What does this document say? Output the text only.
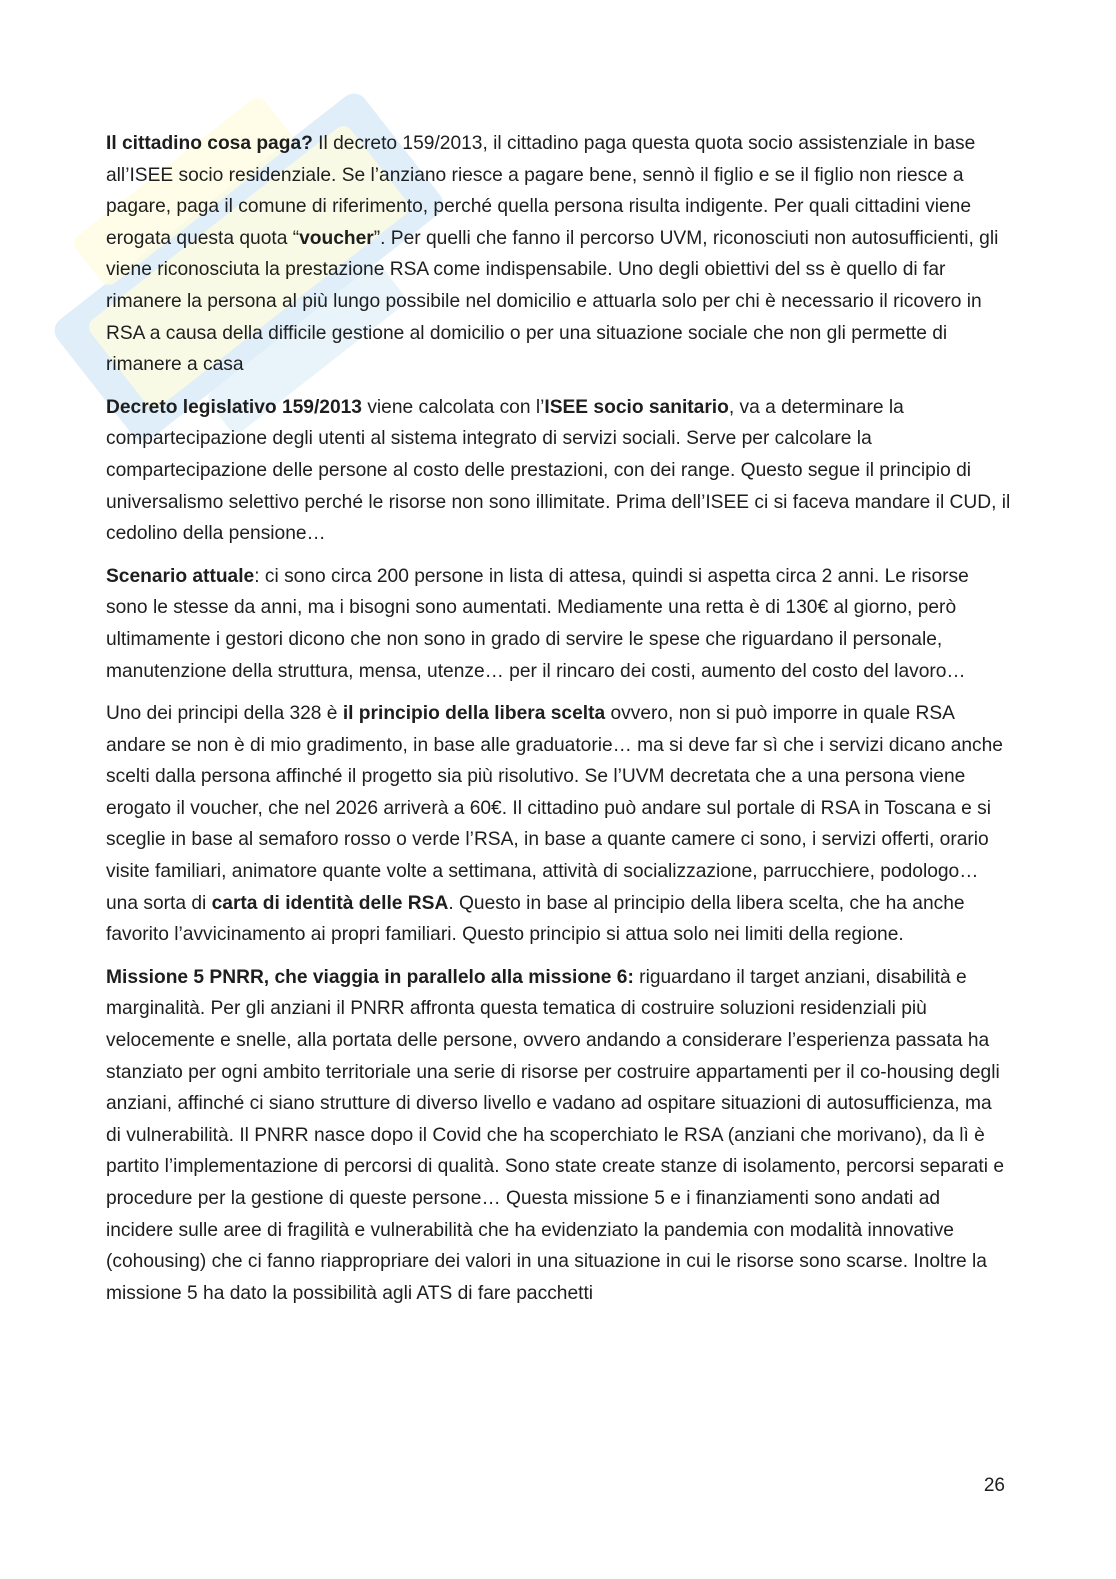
Il cittadino cosa paga? Il decreto 159/2013, il cittadino paga questa quota socio assistenziale in base all’ISEE socio residenziale. Se l’anziano riesce a pagare bene, sennò il figlio e se il figlio non riesce a pagare, paga il comune di riferimento, perché quella persona risulta indigente. Per quali cittadini viene erogata questa quota “voucher”. Per quelli che fanno il percorso UVM, riconosciuti non autosufficienti, gli viene riconosciuta la prestazione RSA come indispensabile. Uno degli obiettivi del ss è quello di far rimanere la persona al più lungo possibile nel domicilio e attuarla solo per chi è necessario il ricovero in RSA a causa della difficile gestione al domicilio o per una situazione sociale che non gli permette di rimanere a casa

Decreto legislativo 159/2013 viene calcolata con l’ISEE socio sanitario, va a determinare la compartecipazione degli utenti al sistema integrato di servizi sociali. Serve per calcolare la compartecipazione delle persone al costo delle prestazioni, con dei range. Questo segue il principio di universalismo selettivo perché le risorse non sono illimitate. Prima dell’ISEE ci si faceva mandare il CUD, il cedolino della pensione…

Scenario attuale: ci sono circa 200 persone in lista di attesa, quindi si aspetta circa 2 anni. Le risorse sono le stesse da anni, ma i bisogni sono aumentati. Mediamente una retta è di 130€ al giorno, però ultimamente i gestori dicono che non sono in grado di servire le spese che riguardano il personale, manutenzione della struttura, mensa, utenze… per il rincaro dei costi, aumento del costo del lavoro…

Uno dei principi della 328 è il principio della libera scelta ovvero, non si può imporre in quale RSA andare se non è di mio gradimento, in base alle graduatorie… ma si deve far sì che i servizi dicano anche scelti dalla persona affinché il progetto sia più risolutivo. Se l’UVM decretata che a una persona viene erogato il voucher, che nel 2026 arriverà a 60€. Il cittadino può andare sul portale di RSA in Toscana e si sceglie in base al semaforo rosso o verde l’RSA, in base a quante camere ci sono, i servizi offerti, orario visite familiari, animatore quante volte a settimana, attività di socializzazione, parrucchiere, podologo… una sorta di carta di identità delle RSA. Questo in base al principio della libera scelta, che ha anche favorito l’avvicinamento ai propri familiari. Questo principio si attua solo nei limiti della regione.

Missione 5 PNRR, che viaggia in parallelo alla missione 6: riguardano il target anziani, disabilità e marginalità. Per gli anziani il PNRR affronta questa tematica di costruire soluzioni residenziali più velocemente e snelle, alla portata delle persone, ovvero andando a considerare l’esperienza passata ha stanziato per ogni ambito territoriale una serie di risorse per costruire appartamenti per il co-housing degli anziani, affinché ci siano strutture di diverso livello e vadano ad ospitare situazioni di autosufficienza, ma di vulnerabilità. Il PNRR nasce dopo il Covid che ha scoperchiato le RSA (anziani che morivano), da lì è partito l’implementazione di percorsi di qualità. Sono state create stanze di isolamento, percorsi separati e procedure per la gestione di queste persone… Questa missione 5 e i finanziamenti sono andati ad incidere sulle aree di fragilità e vulnerabilità che ha evidenziato la pandemia con modalità innovative (cohousing) che ci fanno riappropriare dei valori in una situazione in cui le risorse sono scarse. Inoltre la missione 5 ha dato la possibilità agli ATS di fare pacchetti

26
